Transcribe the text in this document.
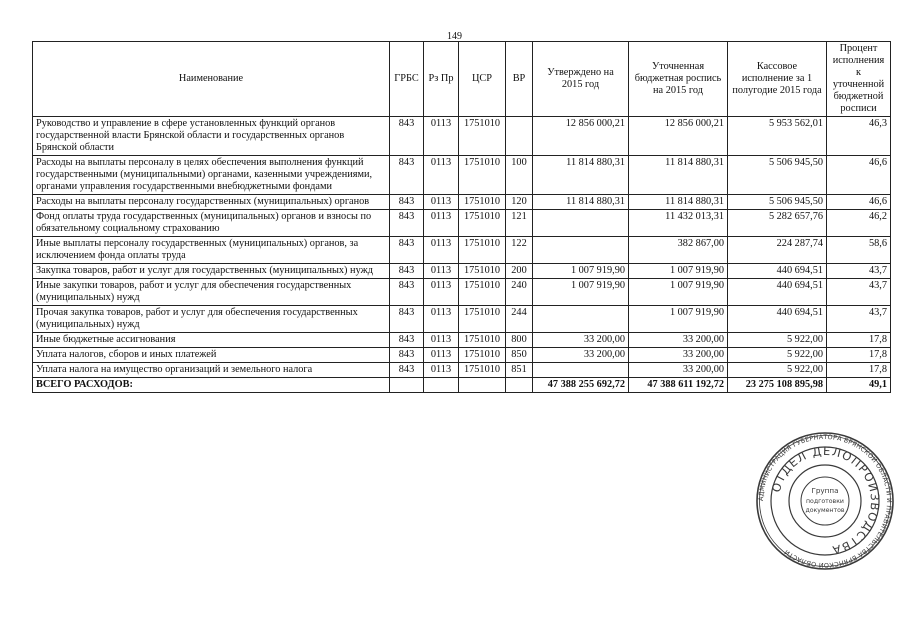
149
Наименование	ГРБС	Рз Пр	ЦСР	ВР	Утверждено на 2015 год	Уточненная бюджетная роспись на 2015 год	Кассовое исполнение за 1 полугодие 2015 года	Процент исполнения к уточненной бюджетной росписи
Руководство и управление в сфере установленных функций органов государственной власти Брянской области и государственных органов Брянской области	843	0113	1751010		12 856 000,21	12 856 000,21	5 953 562,01	46,3
Расходы на выплаты персоналу в целях обеспечения выполнения функций государственными (муниципальными) органами, казенными учреждениями, органами управления государственными внебюджетными фондами	843	0113	1751010	100	11 814 880,31	11 814 880,31	5 506 945,50	46,6
Расходы на выплаты персоналу государственных (муниципальных) органов	843	0113	1751010	120	11 814 880,31	11 814 880,31	5 506 945,50	46,6
Фонд оплаты труда государственных (муниципальных) органов и взносы по обязательному социальному страхованию	843	0113	1751010	121		11 432 013,31	5 282 657,76	46,2
Иные выплаты персоналу государственных (муниципальных) органов, за исключением фонда оплаты труда	843	0113	1751010	122		382 867,00	224 287,74	58,6
Закупка товаров, работ и услуг для государственных (муниципальных) нужд	843	0113	1751010	200	1 007 919,90	1 007 919,90	440 694,51	43,7
Иные закупки товаров, работ и услуг для обеспечения государственных (муниципальных) нужд	843	0113	1751010	240	1 007 919,90	1 007 919,90	440 694,51	43,7
Прочая закупка товаров, работ и услуг для обеспечения государственных (муниципальных) нужд	843	0113	1751010	244		1 007 919,90	440 694,51	43,7
Иные бюджетные ассигнования	843	0113	1751010	800	33 200,00	33 200,00	5 922,00	17,8
Уплата налогов, сборов и иных платежей	843	0113	1751010	850	33 200,00	33 200,00	5 922,00	17,8
Уплата налога на имущество организаций и земельного налога	843	0113	1751010	851		33 200,00	5 922,00	17,8
ВСЕГО РАСХОДОВ:					47 388 255 692,72	47 388 611 192,72	23 275 108 895,98	49,1
АДМИНИСТРАЦИЯ ГУБЕРНАТОРА БРЯНСКОЙ ОБЛАСТИ И ПРАВИТЕЛЬСТВА БРЯНСКОЙ ОБЛАСТИ
ОТДЕЛ ДЕЛОПРОИЗВОДСТВА
Группа
подготовки
документов
